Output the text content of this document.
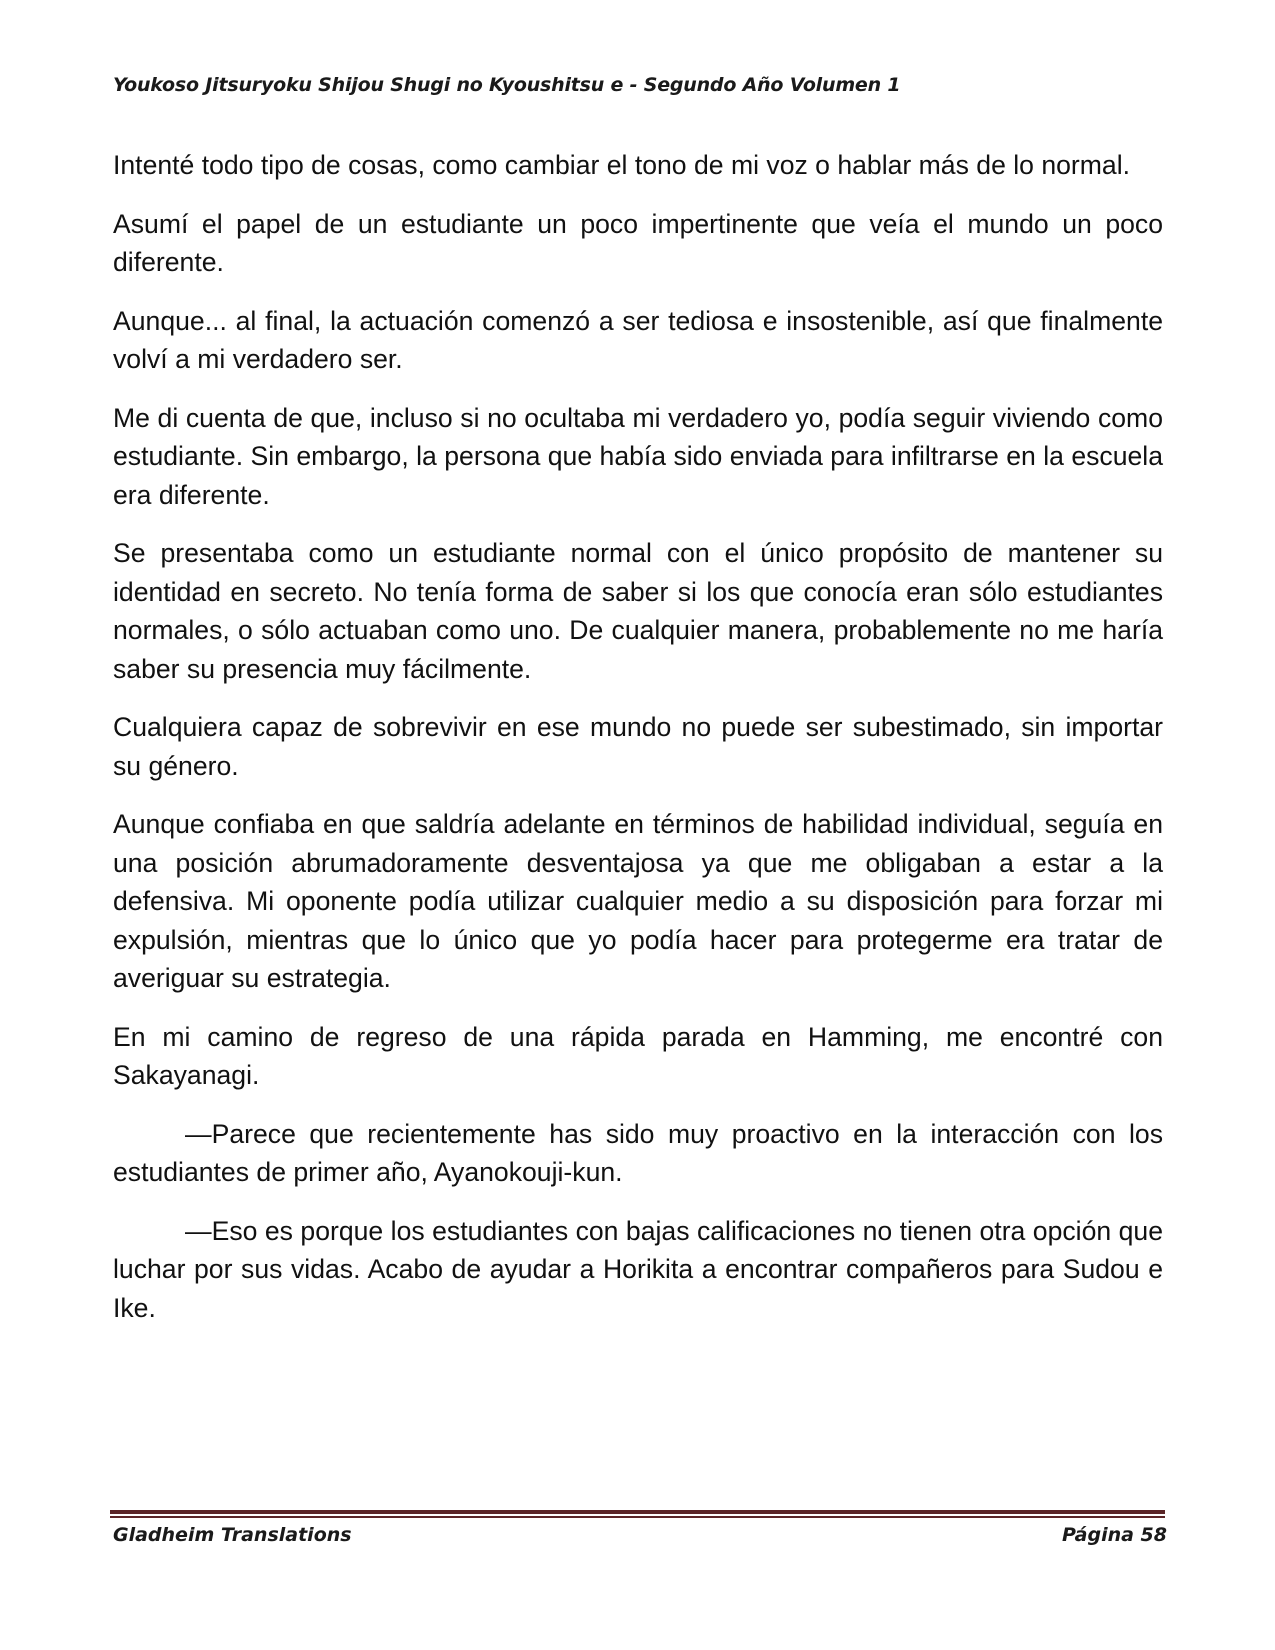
Youkoso Jitsuryoku Shijou Shugi no Kyoushitsu e - Segundo Año Volumen 1

Intenté todo tipo de cosas, como cambiar el tono de mi voz o hablar más de lo normal.

Asumí el papel de un estudiante un poco impertinente que veía el mundo un poco diferente.

Aunque... al final, la actuación comenzó a ser tediosa e insostenible, así que finalmente volví a mi verdadero ser.

Me di cuenta de que, incluso si no ocultaba mi verdadero yo, podía seguir viviendo como estudiante. Sin embargo, la persona que había sido enviada para infiltrarse en la escuela era diferente.

Se presentaba como un estudiante normal con el único propósito de mantener su identidad en secreto. No tenía forma de saber si los que conocía eran sólo estudiantes normales, o sólo actuaban como uno. De cualquier manera, probablemente no me haría saber su presencia muy fácilmente.

Cualquiera capaz de sobrevivir en ese mundo no puede ser subestimado, sin importar su género.

Aunque confiaba en que saldría adelante en términos de habilidad individual, seguía en una posición abrumadoramente desventajosa ya que me obligaban a estar a la defensiva. Mi oponente podía utilizar cualquier medio a su disposición para forzar mi expulsión, mientras que lo único que yo podía hacer para protegerme era tratar de averiguar su estrategia.

En mi camino de regreso de una rápida parada en Hamming, me encontré con Sakayanagi.

—Parece que recientemente has sido muy proactivo en la interacción con los estudiantes de primer año, Ayanokouji-kun.

—Eso es porque los estudiantes con bajas calificaciones no tienen otra opción que luchar por sus vidas. Acabo de ayudar a Horikita a encontrar compañeros para Sudou e Ike.

Gladheim Translations	Página 58
